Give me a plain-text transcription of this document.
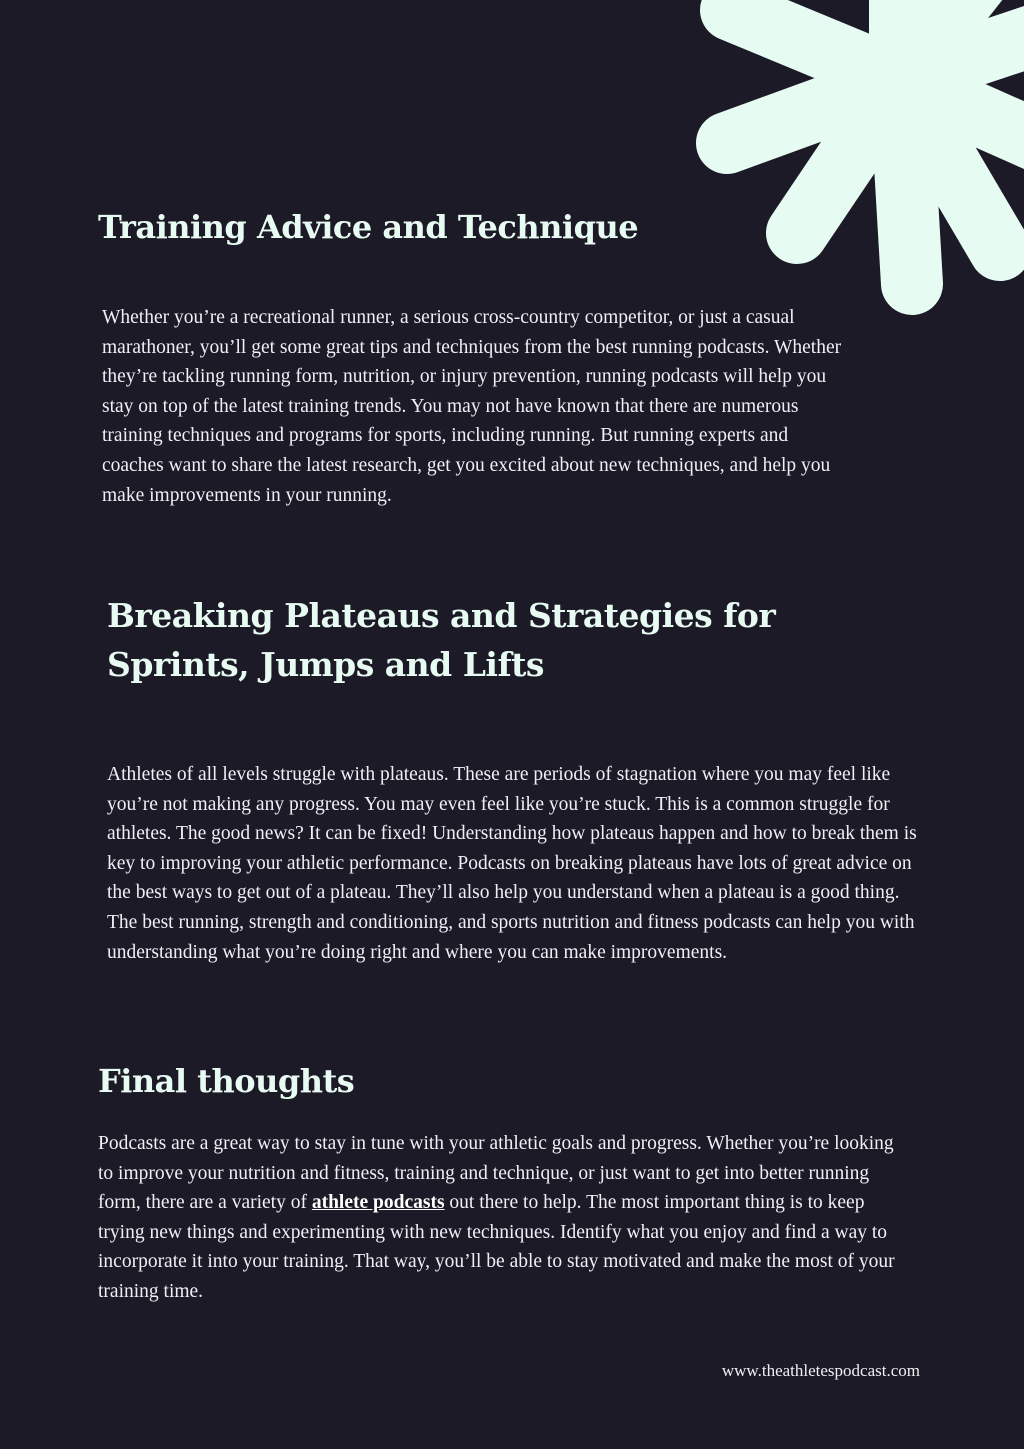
Training Advice and Technique

Whether you’re a recreational runner, a serious cross-country competitor, or just a casual marathoner, you’ll get some great tips and techniques from the best running podcasts. Whether they’re tackling running form, nutrition, or injury prevention, running podcasts will help you stay on top of the latest training trends. You may not have known that there are numerous training techniques and programs for sports, including running. But running experts and coaches want to share the latest research, get you excited about new techniques, and help you make improvements in your running.

Breaking Plateaus and Strategies for Sprints, Jumps and Lifts

Athletes of all levels struggle with plateaus. These are periods of stagnation where you may feel like you’re not making any progress. You may even feel like you’re stuck. This is a common struggle for athletes. The good news? It can be fixed! Understanding how plateaus happen and how to break them is key to improving your athletic performance. Podcasts on breaking plateaus have lots of great advice on the best ways to get out of a plateau. They’ll also help you understand when a plateau is a good thing. The best running, strength and conditioning, and sports nutrition and fitness podcasts can help you with understanding what you’re doing right and where you can make improvements.

Final thoughts

Podcasts are a great way to stay in tune with your athletic goals and progress. Whether you’re looking to improve your nutrition and fitness, training and technique, or just want to get into better running form, there are a variety of athlete podcasts out there to help. The most important thing is to keep trying new things and experimenting with new techniques. Identify what you enjoy and find a way to incorporate it into your training. That way, you’ll be able to stay motivated and make the most of your training time.

www.theathletespodcast.com
